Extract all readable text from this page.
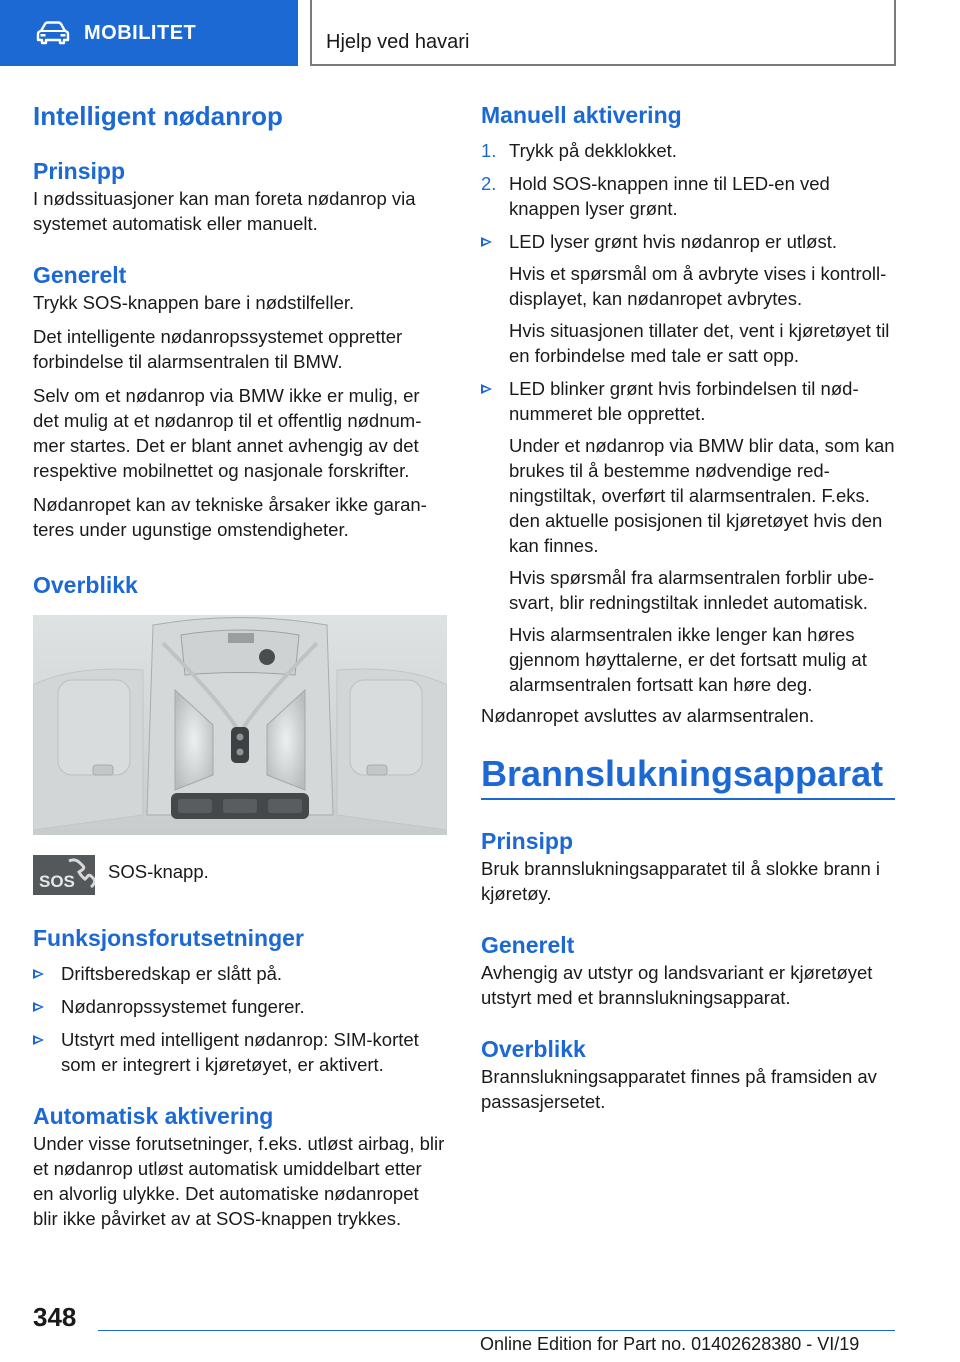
MOBILITET	Hjelp ved havari
Intelligent nødanrop
Prinsipp

I nødssituasjoner kan man foreta nødanrop via systemet automatisk eller manuelt.

Generelt

Trykk SOS-knappen bare i nødstilfeller.

Det intelligente nødanropssystemet oppretter forbindelse til alarmsentralen til BMW.

Selv om et nødanrop via BMW ikke er mulig, er det mulig at et nødanrop til et offentlig nødnummer startes. Det er blant annet avhengig av det respektive mobilnettet og nasjonale forskrifter.

Nødanropet kan av tekniske årsaker ikke garanteres under ugunstige omstendigheter.

Overblikk
SOS SOS-knapp.

Funksjonsforutsetninger
Driftsberedskap er slått på.
Nødanropssystemet fungerer.
Utstyrt med intelligent nødanrop: SIM-kortet som er integrert i kjøretøyet, er aktivert.
Automatisk aktivering

Under visse forutsetninger, f.eks. utløst airbag, blir et nødanrop utløst automatisk umiddelbart etter en alvorlig ulykke. Det automatiske nødanropet blir ikke påvirket av at SOS-knappen trykkes.

Manuell aktivering
1. Trykk på dekklokket.
2. Hold SOS-knappen inne til LED-en ved knappen lyser grønt.
LED lyser grønt hvis nødanrop er utløst.
Hvis et spørsmål om å avbryte vises i kontrolldisplayet, kan nødanropet avbrytes.
Hvis situasjonen tillater det, vent i kjøretøyet til en forbindelse med tale er satt opp.
LED blinker grønt hvis forbindelsen til nødnummeret ble opprettet.
Under et nødanrop via BMW blir data, som kan brukes til å bestemme nødvendige redningstiltak, overført til alarmsentralen. F.eks. den aktuelle posisjonen til kjøretøyet hvis den kan finnes.
Hvis spørsmål fra alarmsentralen forblir ubesvart, blir redningstiltak innledet automatisk.
Hvis alarmsentralen ikke lenger kan høres gjennom høyttalerne, er det fortsatt mulig at alarmsentralen fortsatt kan høre deg.

Nødanropet avsluttes av alarmsentralen.

Brannslukningsapparat
Prinsipp

Bruk brannslukningsapparatet til å slokke brann i kjøretøy.

Generelt

Avhengig av utstyr og landsvariant er kjøretøyet utstyrt med et brannslukningsapparat.

Overblikk

Brannslukningsapparatet finnes på framsiden av passasjersetet.

348
Online Edition for Part no. 01402628380 - VI/19
